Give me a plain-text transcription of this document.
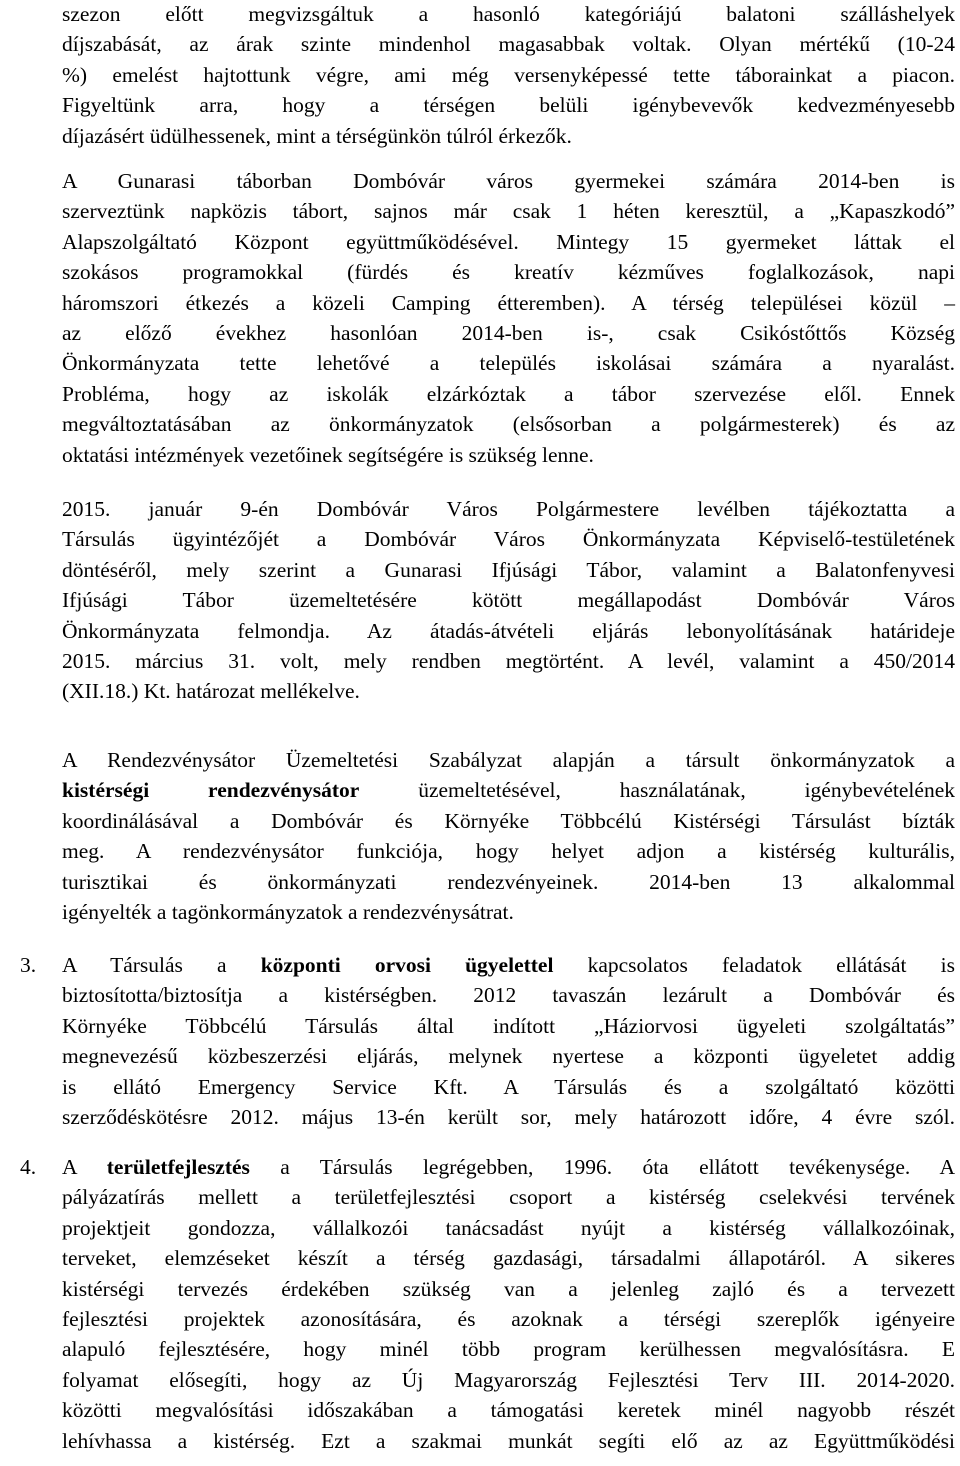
szezon előtt megvizsgáltuk a hasonló kategóriájú balatoni szálláshelyek
díjszabását, az árak szinte mindenhol magasabbak voltak. Olyan mértékű (10-24
%) emelést hajtottunk végre, ami még versenyképessé tette táborainkat a piacon.
Figyeltünk arra, hogy a térségen belüli igénybevevők kedvezményesebb
díjazásért üdülhessenek, mint a térségünkön túlról érkezők.
A Gunarasi táborban Dombóvár város gyermekei számára 2014-ben is
szerveztünk napközis tábort, sajnos már csak 1 héten keresztül, a „Kapaszkodó”
Alapszolgáltató Központ együttműködésével. Mintegy 15 gyermeket láttak el
szokásos programokkal (fürdés és kreatív kézműves foglalkozások, napi
háromszori étkezés a közeli Camping étteremben). A térség települései közül –
az előző évekhez hasonlóan 2014-ben is-, csak Csikóstőttős Község
Önkormányzata tette lehetővé a település iskolásai számára a nyaralást.
Probléma, hogy az iskolák elzárkóztak a tábor szervezése elől. Ennek
megváltoztatásában az önkormányzatok (elsősorban a polgármesterek) és az
oktatási intézmények vezetőinek segítségére is szükség lenne.
2015. január 9-én Dombóvár Város Polgármestere levélben tájékoztatta a
Társulás ügyintézőjét a Dombóvár Város Önkormányzata Képviselő-testületének
döntéséről, mely szerint a Gunarasi Ifjúsági Tábor, valamint a Balatonfenyvesi
Ifjúsági Tábor üzemeltetésére kötött megállapodást Dombóvár Város
Önkormányzata felmondja. Az átadás-átvételi eljárás lebonyolításának határideje
2015. március 31. volt, mely rendben megtörtént. A levél, valamint a 450/2014
(XII.18.) Kt. határozat mellékelve.
A Rendezvénysátor Üzemeltetési Szabályzat alapján a társult önkormányzatok a
kistérségi rendezvénysátor üzemeltetésével, használatának, igénybevételének
koordinálásával a Dombóvár és Környéke Többcélú Kistérségi Társulást bízták
meg. A rendezvénysátor funkciója, hogy helyet adjon a kistérség kulturális,
turisztikai és önkormányzati rendezvényeinek. 2014-ben 13 alkalommal
igényelték a tagönkormányzatok a rendezvénysátrat.
3. A Társulás a központi orvosi ügyelettel kapcsolatos feladatok ellátását is
biztosította/biztosítja a kistérségben. 2012 tavaszán lezárult a Dombóvár és
Környéke Többcélú Társulás által indított „Háziorvosi ügyeleti szolgáltatás”
megnevezésű közbeszerzési eljárás, melynek nyertese a központi ügyeletet addig
is ellátó Emergency Service Kft. A Társulás és a szolgáltató közötti
szerződéskötésre 2012. május 13-én került sor, mely határozott időre, 4 évre szól.
4. A területfejlesztés a Társulás legrégebben, 1996. óta ellátott tevékenysége. A
pályázatírás mellett a területfejlesztési csoport a kistérség cselekvési tervének
projektjeit gondozza, vállalkozói tanácsadást nyújt a kistérség vállalkozóinak,
terveket, elemzéseket készít a térség gazdasági, társadalmi állapotáról. A sikeres
kistérségi tervezés érdekében szükség van a jelenleg zajló és a tervezett
fejlesztési projektek azonosítására, és azoknak a térségi szereplők igényeire
alapuló fejlesztésére, hogy minél több program kerülhessen megvalósításra. E
folyamat elősegíti, hogy az Új Magyarország Fejlesztési Terv III. 2014-2020.
közötti megvalósítási időszakában a támogatási keretek minél nagyobb részét
lehívhassa a kistérség. Ezt a szakmai munkát segíti elő az az Együttműködési
